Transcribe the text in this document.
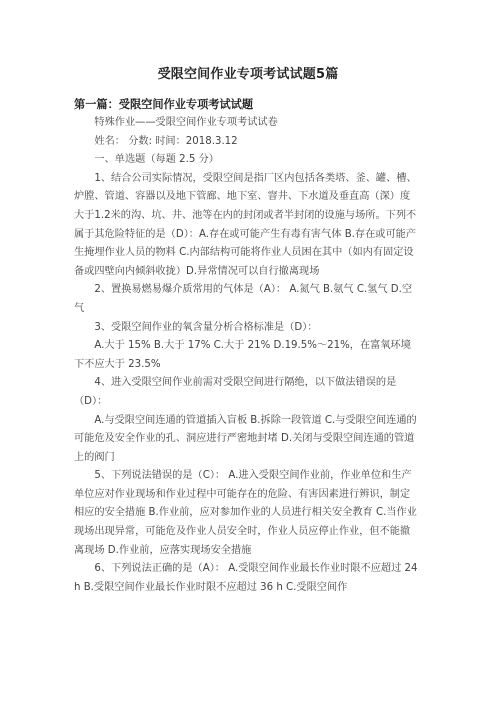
受限空间作业专项考试试题5篇
第一篇：受限空间作业专项考试试题

特殊作业——受限空间作业专项考试试卷

姓名： 分数: 时间：2018.3.12

一、单选题（每题 2.5 分）

1、结合公司实际情况，受限空间是指厂区内包括各类塔、釜、罐、槽、炉膛、管道、容器以及地下管廊、地下室、窨井、下水道及垂直高（深）度大于1.2米的沟、坑、井、池等在内的封闭或者半封闭的设施与场所。下列不属于其危险特征的是（D）：A.存在或可能产生有毒有害气体 B.存在或可能产生掩埋作业人员的物料 C.内部结构可能将作业人员困在其中（如内有固定设备或四壁向内倾斜收拢）D.异常情况可以自行撤离现场

2、置换易燃易爆介质常用的气体是（A）： A.氮气 B.氨气 C.氢气 D.空气

3、受限空间作业的氧含量分析合格标准是（D）：

A.大于 15% B.大于 17% C.大于 21% D.19.5%～21%，在富氧环境下不应大于 23.5%

4、进入受限空间作业前需对受限空间进行隔绝，以下做法错误的是（D）：

A.与受限空间连通的管道插入盲板 B.拆除一段管道 C.与受限空间连通的可能危及安全作业的孔、洞应进行严密地封堵 D.关闭与受限空间连通的管道上的阀门

5、下列说法错误的是（C）： A.进入受限空间作业前，作业单位和生产单位应对作业现场和作业过程中可能存在的危险、有害因素进行辨识，制定相应的安全措施 B.作业前，应对参加作业的人员进行相关安全教育 C.当作业现场出现异常，可能危及作业人员安全时，作业人员应停止作业，但不能撤离现场 D.作业前，应落实现场安全措施

6、下列说法正确的是（A）： A.受限空间作业最长作业时限不应超过 24 h B.受限空间作业最长作业时限不应超过 36 h C.受限空间作
